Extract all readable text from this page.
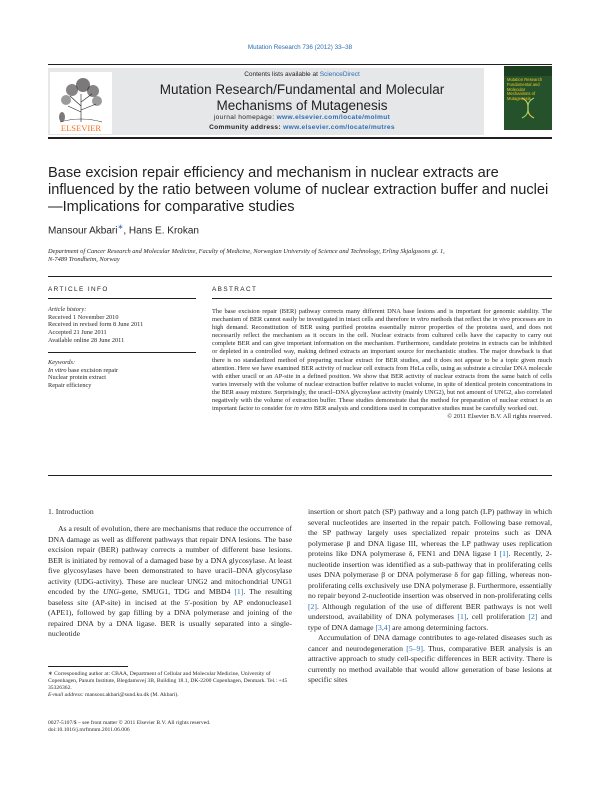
Mutation Research 736 (2012) 33–38
ELSEVIER
Contents lists available at ScienceDirect
Mutation Research/Fundamental and Molecular
Mechanisms of Mutagenesis
journal homepage: www.elsevier.com/locate/molmut
Community address: www.elsevier.com/locate/mutres
Mutation Research Fundamental and Molecular Mechanisms of Mutagenesis
Base excision repair efficiency and mechanism in nuclear extracts are influenced by the ratio between volume of nuclear extraction buffer and nuclei—Implications for comparative studies
Mansour Akbari∗, Hans E. Krokan
Department of Cancer Research and Molecular Medicine, Faculty of Medicine, Norwegian University of Science and Technology, Erling Skjalgssons gt. 1,
N-7489 Trondheim, Norway
ARTICLE INFO
Article history:
Received 1 November 2010
Received in revised form 8 June 2011
Accepted 21 June 2011
Available online 28 June 2011
Keywords:
In vitro base excision repair
Nuclear protein extract
Repair efficiency
ABSTRACT

The base excision repair (BER) pathway corrects many different DNA base lesions and is important for genomic stability. The mechanism of BER cannot easily be investigated in intact cells and therefore in vitro methods that reflect the in vivo processes are in high demand. Reconstitution of BER using purified proteins essentially mirror properties of the proteins used, and does not necessarily reflect the mechanism as it occurs in the cell. Nuclear extracts from cultured cells have the capacity to carry out complete BER and can give important information on the mechanism. Furthermore, candidate proteins in extracts can be inhibited or depleted in a controlled way, making defined extracts an important source for mechanistic studies. The major drawback is that there is no standardized method of preparing nuclear extract for BER studies, and it does not appear to be a topic given much attention. Here we have examined BER activity of nuclear cell extracts from HeLa cells, using as substrate a circular DNA molecule with either uracil or an AP-site in a defined position. We show that BER activity of nuclear extracts from the same batch of cells varies inversely with the volume of nuclear extraction buffer relative to nuclei volume, in spite of identical protein concentrations in the BER assay mixture. Surprisingly, the uracil–DNA glycosylase activity (mainly UNG2), but not amount of UNG2, also correlated negatively with the volume of extraction buffer. These studies demonstrate that the method for preparation of nuclear extract is an important factor to consider for in vitro BER analysis and conditions used in comparative studies must be carefully worked out.

© 2011 Elsevier B.V. All rights reserved.
1. Introduction

As a result of evolution, there are mechanisms that reduce the occurrence of DNA damage as well as different pathways that repair DNA lesions. The base excision repair (BER) pathway corrects a number of different base lesions. BER is initiated by removal of a damaged base by a DNA glycosylase. At least five glycosylases have been demonstrated to have uracil–DNA glycosylase activity (UDG-activity). These are nuclear UNG2 and mitochondrial UNG1 encoded by the UNG-gene, SMUG1, TDG and MBD4 [1]. The resulting baseless site (AP-site) in incised at the 5′-position by AP endonuclease1 (APE1), followed by gap filling by a DNA polymerase and joining of the repaired DNA by a DNA ligase. BER is usually separated into a single-nucleotide

∗ Corresponding author at: CBAA, Department of Cellular and Molecular Medicine, University of Copenhagen, Panum Institute, Blegdamsvej 3B, Building 18.1, DK-2200 Copenhagen, Denmark. Tel.: +45 35326362.

E-mail address: mansour.akbari@sund.ku.dk (M. Akbari).

0027-5107/$ – see front matter © 2011 Elsevier B.V. All rights reserved.

doi:10.1016/j.mrfmmm.2011.06.006

insertion or short patch (SP) pathway and a long patch (LP) pathway in which several nucleotides are inserted in the repair patch. Following base removal, the SP pathway largely uses specialized repair proteins such as DNA polymerase β and DNA ligase III, whereas the LP pathway uses replication proteins like DNA polymerase δ, FEN1 and DNA ligase I [1]. Recently, 2-nucleotide insertion was identified as a sub-pathway that in proliferating cells uses DNA polymerase β or DNA polymerase δ for gap filling, whereas non-proliferating cells exclusively use DNA polymerase β. Furthermore, essentially no repair beyond 2-nucleotide insertion was observed in non-proliferating cells [2]. Although regulation of the use of different BER pathways is not well understood, availability of DNA polymerases [1], cell proliferation [2] and type of DNA damage [3,4] are among determining factors.

Accumulation of DNA damage contributes to age-related diseases such as cancer and neurodegeneration [5–9]. Thus, comparative BER analysis is an attractive approach to study cell-specific differences in BER activity. There is currently no method available that would allow generation of base lesions at specific sites
